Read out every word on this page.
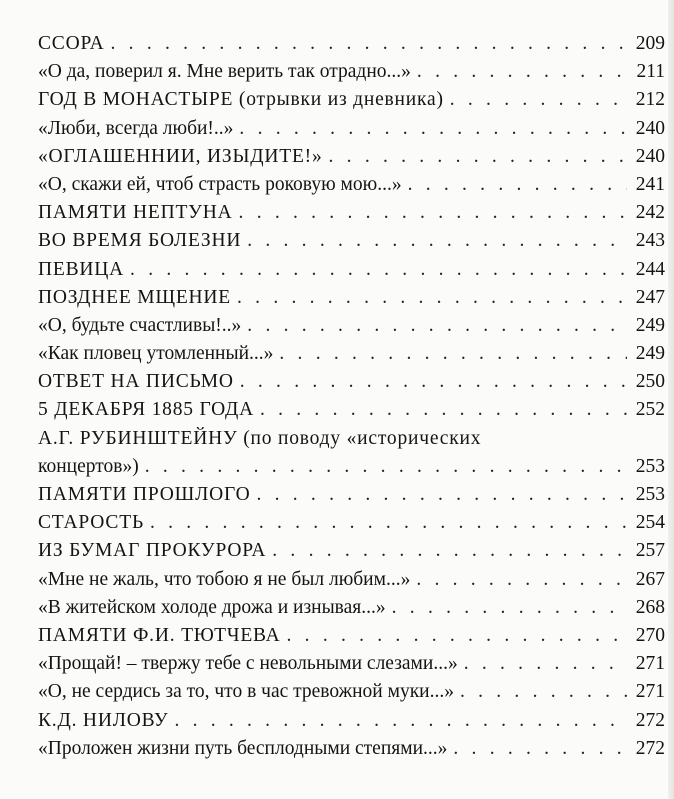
ССОРА . . .	209
«О да, поверил я. Мне верить так отрадно...» . . .	211
ГОД В МОНАСТЫРЕ (отрывки из дневника) . . .	212
«Люби, всегда люби!..» . . .	240
«ОГЛАШЕННИИ, ИЗЫДИТЕ!» . . .	240
«О, скажи ей, чтоб страсть роковую мою...» . . .	241
ПАМЯТИ НЕПТУНА . . .	242
ВО ВРЕМЯ БОЛЕЗНИ . . .	243
ПЕВИЦА . . .	244
ПОЗДНЕЕ МЩЕНИЕ . . .	247
«О, будьте счастливы!..» . . .	249
«Как пловец утомленный...» . . .	249
ОТВЕТ НА ПИСЬМО . . .	250
5 ДЕКАБРЯ 1885 ГОДА . . .	252
А.Г. РУБИНШТЕЙНУ (по поводу «исторических
концертов») . . .	253
ПАМЯТИ ПРОШЛОГО . . .	253
СТАРОСТЬ . . .	254
ИЗ БУМАГ ПРОКУРОРА . . .	257
«Мне не жаль, что тобою я не был любим...» . . .	267
«В житейском холоде дрожа и изнывая...» . . .	268
ПАМЯТИ Ф.И. ТЮТЧЕВА . . .	270
«Прощай! – твержу тебе с невольными слезами...» . . .	271
«О, не сердись за то, что в час тревожной муки...» . . .	271
К.Д. НИЛОВУ . . .	272
«Проложен жизни путь бесплодными степями...» . . .	272
